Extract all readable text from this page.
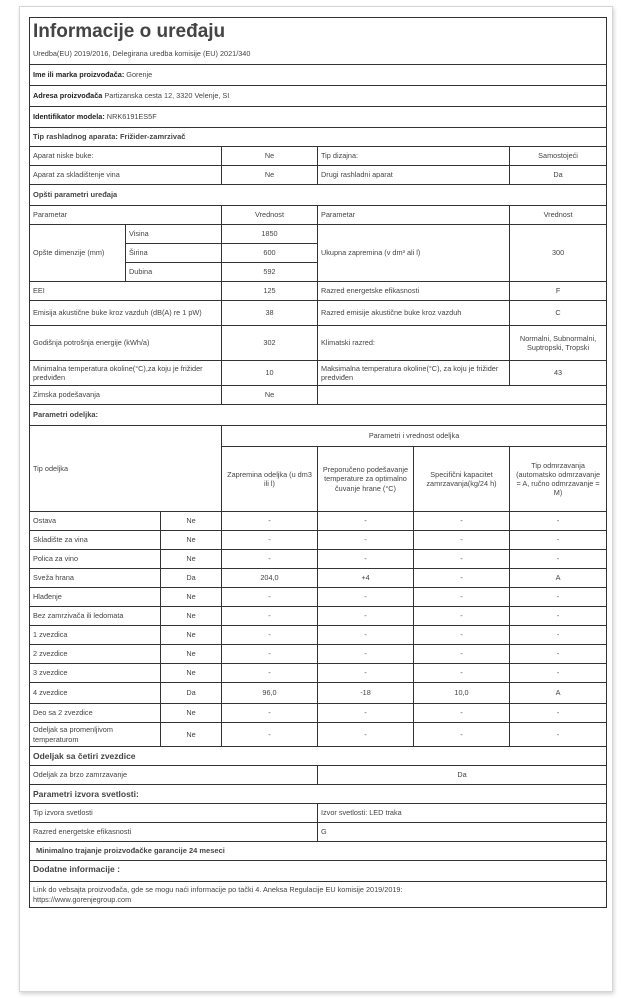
Informacije o uređaju						
Uredba(EU) 2019/2016, Delegirana uredba komisije (EU) 2021/340						
Ime ili marka proizvođača: Gorenje						
Adresa proizvođača Partizanska cesta 12, 3320 Velenje, SI						
Identifikator modela: NRK6191ES5F						
Tip rashladnog aparata: Frižider-zamrzivač						
Aparat niske buke:			Ne	Tip dizajna:		Samostojeći
Aparat za skladištenje vina			Ne	Drugi rashladni aparat		Da
Opšti parametri uređaja						
Parametar			Vrednost	Parametar		Vrednost
Opšte dimenzije (mm)	Visina		1850	Ukupna zapremina (v dm³ ali l)		300
	Širina		600			
	Dubina		592			
EEI			125	Razred energetske efikasnosti		F
Emisija akustične buke kroz vazduh (dB(A) re 1 pW)			38	Razred emisije akustične buke kroz vazduh		C
Godišnja potrošnja energije (kWh/a)			302	Klimatski razred:		Normalni, Subnormalni, Suptropski, Tropski
Minimalna temperatura okoline(°C),za koju je frižider predviđen			10	Maksimalna temperatura okoline(°C), za koju je frižider predviđen		43
Zimska podešavanja			Ne			
Parametri odeljka:						
Tip odeljka			Parametri i vrednost odeljka			
			Zapremina odeljka (u dm3 ili l)	Preporučeno podešavanje temperature za optimalno čuvanje hrane (°C)	Specifični kapacitet zamrzavanja(kg/24 h)	Tip odmrzavanja (automatsko odmrzavanje = A, ručno odmrzavanje = M)
Ostava		Ne	-	-	-	-
Skladište za vina		Ne	-	-	-	-
Polica za vino		Ne	-	-	-	-
Sveža hrana		Da	204,0	+4	-	A
Hlađenje		Ne	-	-	-	-
Bez zamrzivača ili ledomata		Ne	-	-	-	-
1 zvezdica		Ne	-	-	-	-
2 zvezdice		Ne	-	-	-	-
3 zvezdice		Ne	-	-	-	-
4 zvezdice		Da	96,0	-18	10,0	A
Deo sa 2 zvezdice		Ne	-	-	-	-
Odeljak sa promenljivom temperaturom		Ne	-	-	-	-
Odeljak sa četiri zvezdice						
Odeljak za brzo zamrzavanje				Da		
Parametri izvora svetlosti:						
Tip izvora svetlosti				Izvor svetlosti: LED traka		
Razred energetske efikasnosti				G		
Minimalno trajanje proizvođačke garancije 24 meseci						
Dodatne informacije :						

Link do vebsajta proizvođača, gde se mogu naći informacije po tački 4. Aneksa Regulacije EU komisije 2019/2019:
https://www.gorenjegroup.com						
